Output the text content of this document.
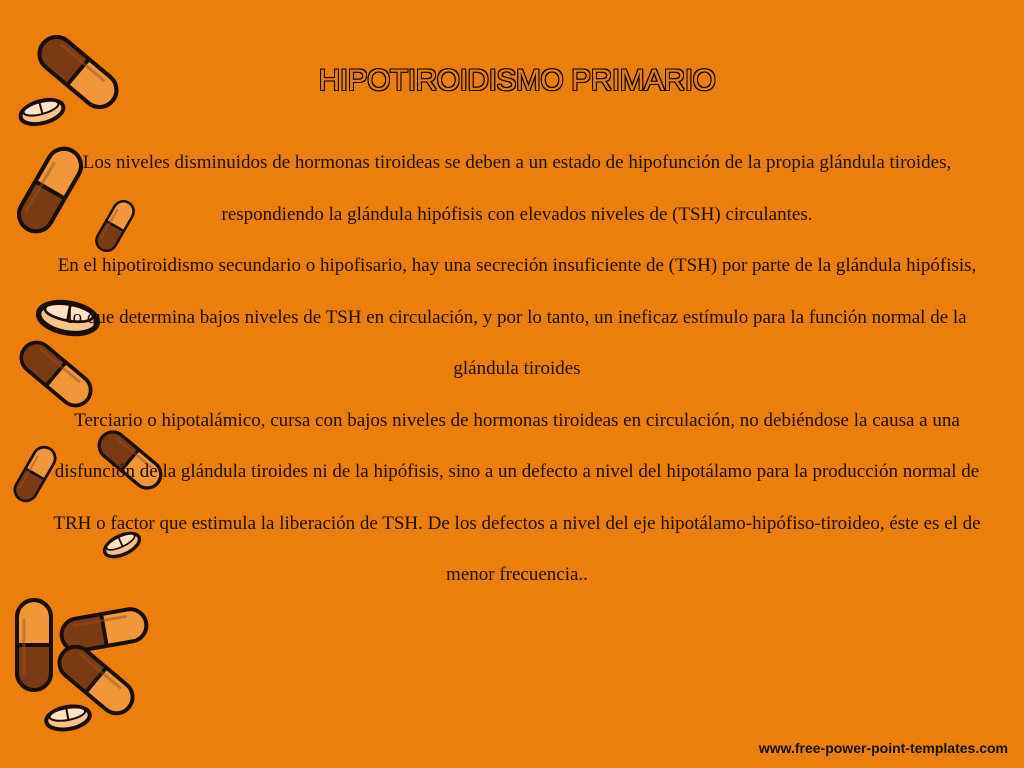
HIPOTIROIDISMO PRIMARIO

Los niveles disminuidos de hormonas tiroideas se deben a un estado de hipofunción de la propia glándula tiroides, respondiendo la glándula hipófisis con elevados niveles de (TSH) circulantes.

En el hipotiroidismo secundario o hipofisario, hay una secreción insuficiente de (TSH) por parte de la glándula hipófisis, lo que determina bajos niveles de TSH en circulación, y por lo tanto, un ineficaz estímulo para la función normal de la glándula tiroides

Terciario o hipotalámico, cursa con bajos niveles de hormonas tiroideas en circulación, no debiéndose la causa a una disfunción de la glándula tiroides ni de la hipófisis, sino a un defecto a nivel del hipotálamo para la producción normal de TRH o factor que estimula la liberación de TSH. De los defectos a nivel del eje hipotálamo-hipófiso-tiroideo, éste es el de menor frecuencia..

www.free-power-point-templates.com
